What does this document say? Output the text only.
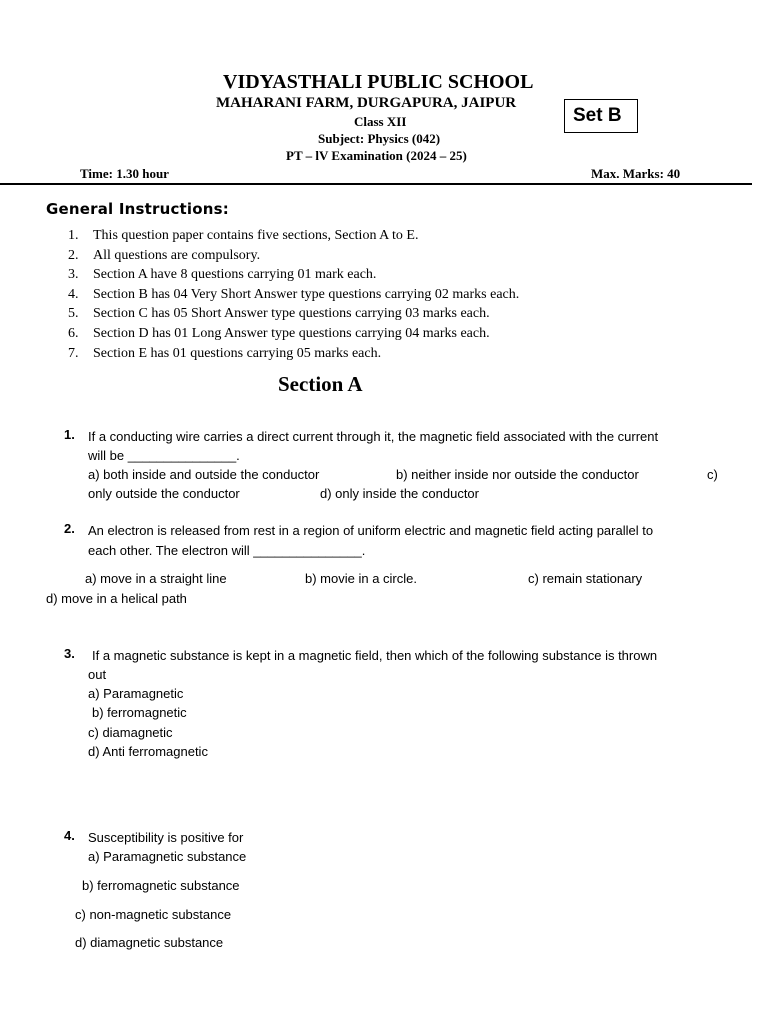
VIDYASTHALI PUBLIC SCHOOL
MAHARANI FARM, DURGAPURA, JAIPUR
Class XII
Subject: Physics (042)
PT – lV Examination (2024 – 25)
Set B
Time: 1.30 hour	Max. Marks: 40
General Instructions:
1. This question paper contains five sections, Section A to E.
2. All questions are compulsory.
3. Section A have 8 questions carrying 01 mark each.
4. Section B has 04 Very Short Answer type questions carrying 02 marks each.
5. Section C has 05 Short Answer type questions carrying 03 marks each.
6. Section D has 01 Long Answer type questions carrying 04 marks each.
7. Section E has 01 questions carrying 05 marks each.
Section A
1. If a conducting wire carries a direct current through it, the magnetic field associated with the current
will be _______________.
a) both inside and outside the conductor	b) neither inside nor outside the conductor	c)
only outside the conductor	d) only inside the conductor
2. An electron is released from rest in a region of uniform electric and magnetic field acting parallel to
each other. The electron will _______________.
a) move in a straight line	b) movie in a circle.	c) remain stationary
d) move in a helical path
3. If a magnetic substance is kept in a magnetic field, then which of the following substance is thrown
out
a) Paramagnetic
b) ferromagnetic
c) diamagnetic
d) Anti ferromagnetic
4. Susceptibility is positive for
a) Paramagnetic substance
b) ferromagnetic substance
c) non-magnetic substance
d) diamagnetic substance
